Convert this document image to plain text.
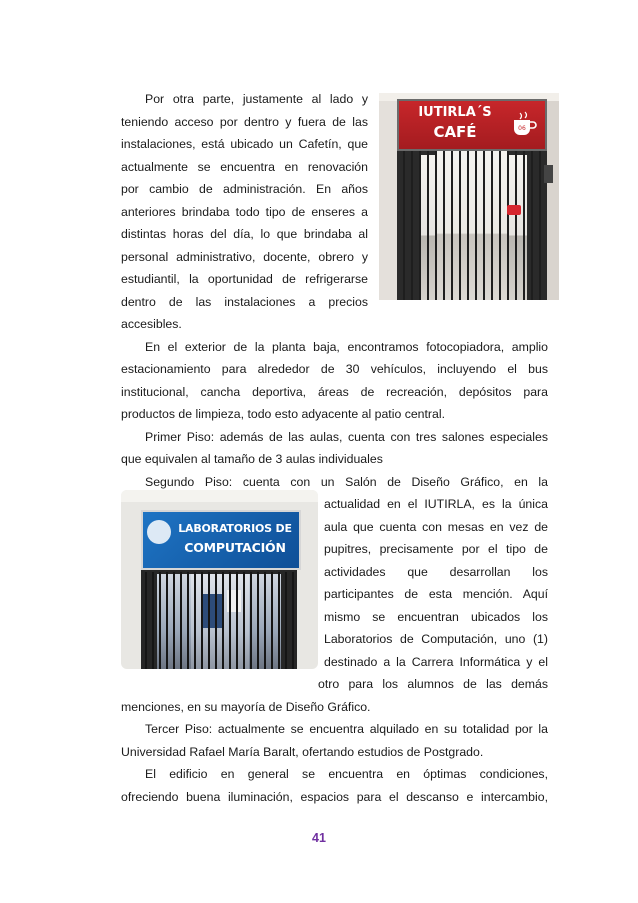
Por otra parte, justamente al lado y

teniendo acceso por dentro y fuera de las

instalaciones, está ubicado un Cafetín, que

actualmente se encuentra en renovación

por cambio de administración. En años

anteriores brindaba todo tipo de enseres a

distintas horas del día, lo que brindaba al

personal administrativo, docente, obrero y

estudiantil, la oportunidad de refrigerarse

dentro de las instalaciones a precios

accesibles.

IUTIRLA´S
CAFÉ	06

En el exterior de la planta baja, encontramos fotocopiadora, amplio

estacionamiento para alrededor de 30 vehículos, incluyendo el bus

institucional, cancha deportiva, áreas de recreación, depósitos para

productos de limpieza, todo esto adyacente al patio central.

Primer Piso: además de las aulas, cuenta con tres salones especiales

que equivalen al tamaño de 3 aulas individuales

Segundo Piso: cuenta con un Salón de Diseño Gráfico, en la

actualidad en el IUTIRLA, es la única

aula que cuenta con mesas en vez de

pupitres, precisamente por el tipo de

actividades que desarrollan los

participantes de esta mención. Aquí

mismo se encuentran ubicados los

Laboratorios de Computación, uno (1)

destinado a la Carrera Informática y el

otro para los alumnos de las demás

menciones, en su mayoría de Diseño Gráfico.

LABORATORIOS DE
COMPUTACIÓN

Tercer Piso: actualmente se encuentra alquilado en su totalidad por la

Universidad Rafael María Baralt, ofertando estudios de Postgrado.

El edificio en general se encuentra en óptimas condiciones,

ofreciendo buena iluminación, espacios para el descanso e intercambio,

41
